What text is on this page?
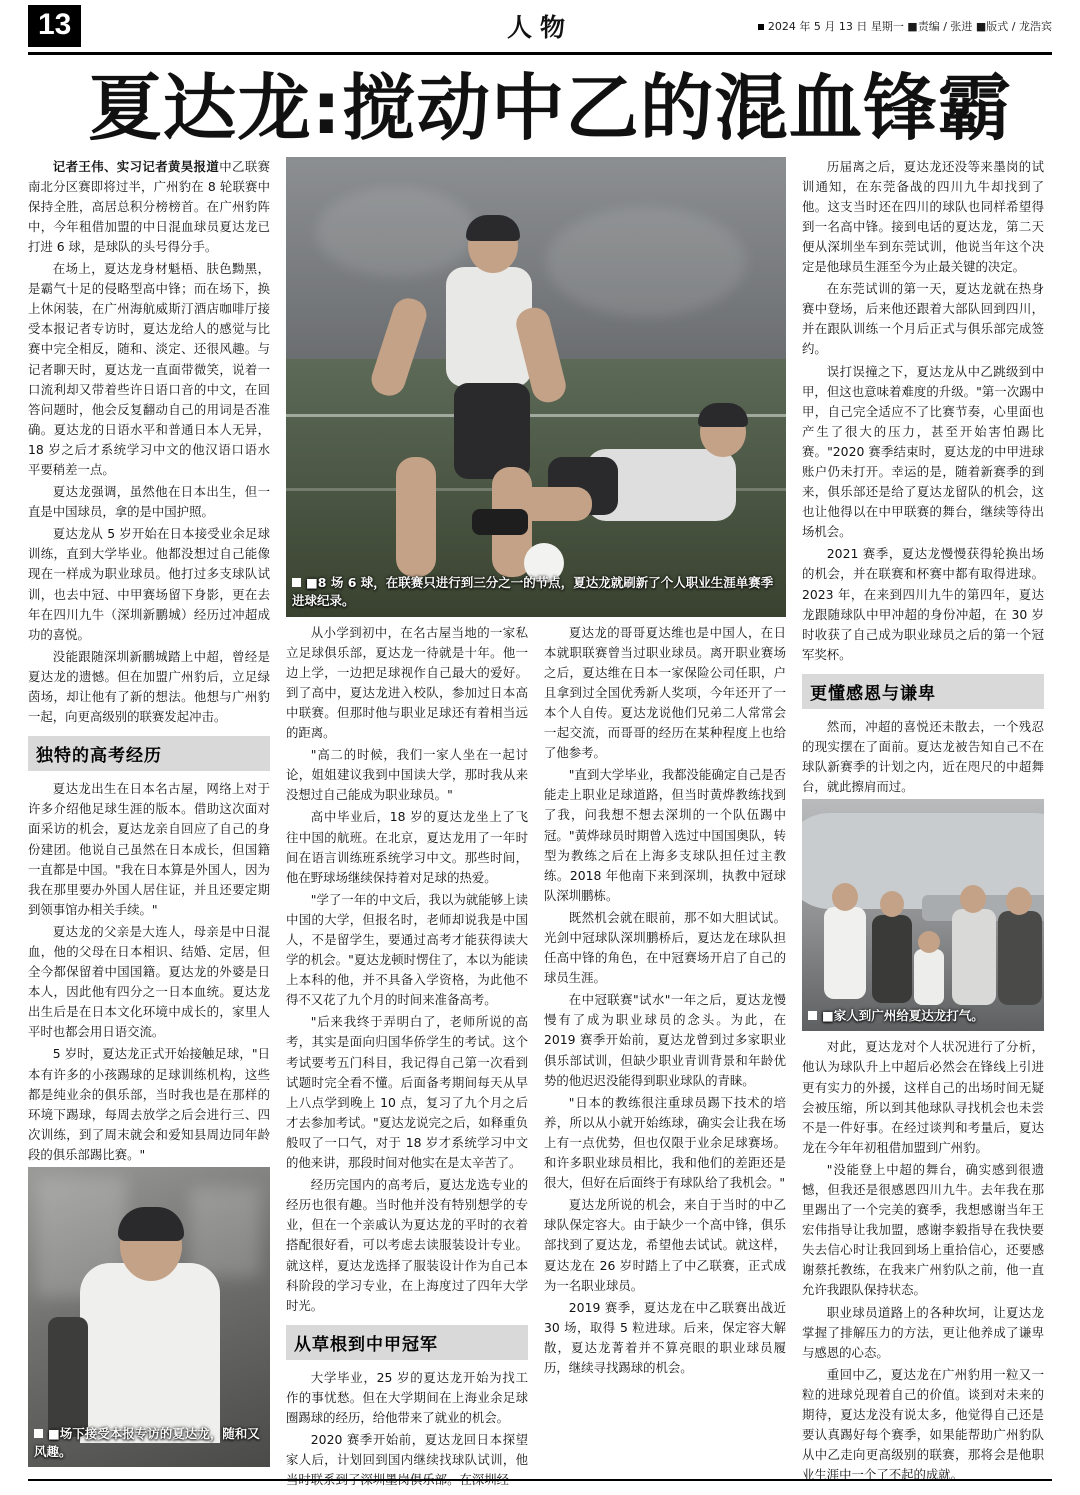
13	人物	2024 年 5 月 13 日 星期一 ■责编 / 张进 ■版式 / 龙浩宾
夏达龙:搅动中乙的混血锋霸

记者王伟、实习记者黄昊报道中乙联赛南北分区赛即将过半，广州豹在 8 轮联赛中保持全胜，高居总积分榜榜首。在广州豹阵中，今年租借加盟的中日混血球员夏达龙已打进 6 球，是球队的头号得分手。

在场上，夏达龙身材魁梧、肤色黝黑，是霸气十足的侵略型高中锋；而在场下，换上休闲装，在广州海航威斯汀酒店咖啡厅接受本报记者专访时，夏达龙给人的感觉与比赛中完全相反，随和、淡定、还很风趣。与记者聊天时，夏达龙一直面带微笑，说着一口流利却又带着些许日语口音的中文，在回答问题时，他会反复翻动自己的用词是否准确。夏达龙的日语水平和普通日本人无异，18 岁之后才系统学习中文的他汉语口语水平要稍差一点。

夏达龙强调，虽然他在日本出生，但一直是中国球员，拿的是中国护照。

夏达龙从 5 岁开始在日本接受业余足球训练，直到大学毕业。他都没想过自己能像现在一样成为职业球员。他打过多支球队试训，也去中冠、中甲赛场留下身影，更在去年在四川九牛（深圳新鹏城）经历过冲超成功的喜悦。

没能跟随深圳新鹏城踏上中超，曾经是夏达龙的遗憾。但在加盟广州豹后，立足绿茵场，却让他有了新的想法。他想与广州豹一起，向更高级别的联赛发起冲击。

独特的高考经历

夏达龙出生在日本名古屋，网络上对于许多介绍他足球生涯的版本。借助这次面对面采访的机会，夏达龙亲自回应了自己的身份建团。他说自己虽然在日本成长，但国籍一直都是中国。"我在日本算是外国人，因为我在那里要办外国人居住证，并且还要定期到领事馆办相关手续。"

夏达龙的父亲是大连人，母亲是中日混血，他的父母在日本相识、结婚、定居，但全今都保留着中国国籍。夏达龙的外婆是日本人，因此他有四分之一日本血统。夏达龙出生后是在日本文化环境中成长的，家里人平时也都会用日语交流。

5 岁时，夏达龙正式开始接触足球，"日本有许多的小孩踢球的足球训练机构，这些都是纯业余的俱乐部，当时我也是在那样的环境下踢球，每周去放学之后会进行三、四次训练，到了周末就会和爱知县周边同年龄段的俱乐部踢比赛。"

■场下接受本报专访的夏达龙，随和又风趣。
■8 场 6 球，在联赛只进行到三分之一的节点，夏达龙就刷新了个人职业生涯单赛季进球纪录。

从小学到初中，在名古屋当地的一家私立足球俱乐部，夏达龙一待就是十年。他一边上学，一边把足球视作自己最大的爱好。到了高中，夏达龙进入校队，参加过日本高中联赛。但那时他与职业足球还有着相当远的距离。

"高二的时候，我们一家人坐在一起讨论，姐姐建议我到中国读大学，那时我从来没想过自己能成为职业球员。"

高中毕业后，18 岁的夏达龙坐上了飞往中国的航班。在北京，夏达龙用了一年时间在语言训练班系统学习中文。那些时间，他在野球场继续保持着对足球的热爱。

"学了一年的中文后，我以为就能够上读中国的大学，但报名时，老师却说我是中国人，不是留学生，要通过高考才能获得读大学的机会。"夏达龙顿时愣住了，本以为能读上本科的他，并不具备入学资格，为此他不得不又花了九个月的时间来准备高考。

"后来我终于弄明白了，老师所说的高考，其实是面向归国华侨学生的考试。这个考试要考五门科目，我记得自己第一次看到试题时完全看不懂。后面备考期间每天从早上八点学到晚上 10 点，复习了九个月之后才去参加考试。"夏达龙说完之后，如释重负般叹了一口气，对于 18 岁才系统学习中文的他来讲，那段时间对他实在是太辛苦了。

经历完国内的高考后，夏达龙选专业的经历也很有趣。当时他并没有特别想学的专业，但在一个亲戚认为夏达龙的平时的衣着搭配很好看，可以考虑去读服装设计专业。就这样，夏达龙选择了服装设计作为自己本科阶段的学习专业，在上海度过了四年大学时光。

从草根到中甲冠军

大学毕业，25 岁的夏达龙开始为找工作的事忧愁。但在大学期间在上海业余足球圈踢球的经历，给他带来了就业的机会。

2020 赛季开始前，夏达龙回日本探望家人后，计划回到国内继续找球队试训，他当时联系到了深圳墨岗俱乐部。在深圳经

夏达龙的哥哥夏达维也是中国人，在日本就职联赛曾当过职业球员。离开职业赛场之后，夏达维在日本一家保险公司任职，户且拿到过全国优秀新人奖项，今年还开了一本个人自传。夏达龙说他们兄弟二人常常会一起交流，而哥哥的经历在某种程度上也给了他参考。

"直到大学毕业，我都没能确定自己是否能走上职业足球道路，但当时黄烨教练找到了我，问我想不想去深圳的一个队伍踢中冠。"黄烨球员时期曾入选过中国国奥队，转型为教练之后在上海多支球队担任过主教练。2018 年他南下来到深圳，执教中冠球队深圳鹏栋。

既然机会就在眼前，那不如大胆试试。光剑中冠球队深圳鹏桥后，夏达龙在球队担任高中锋的角色，在中冠赛场开启了自己的球员生涯。

在中冠联赛"试水"一年之后，夏达龙慢慢有了成为职业球员的念头。为此，在 2019 赛季开始前，夏达龙曾到过多家职业俱乐部试训，但缺少职业青训背景和年龄优势的他迟迟没能得到职业球队的青睐。

"日本的教练很注重球员踢下技术的培养，所以从小就开始练球，确实会让我在场上有一点优势，但也仅限于业余足球赛场。和许多职业球员相比，我和他们的差距还是很大，但好在后面终于有球队给了我机会。"

夏达龙所说的机会，来自于当时的中乙球队保定容大。由于缺少一个高中锋，俱乐部找到了夏达龙，希望他去试试。就这样，夏达龙在 26 岁时踏上了中乙联赛，正式成为一名职业球员。

2019 赛季，夏达龙在中乙联赛出战近 30 场，取得 5 粒进球。后来，保定容大解散，夏达龙菁着并不算亮眼的职业球员履历，继续寻找踢球的机会。

历届离之后，夏达龙还没等来墨岗的试训通知，在东莞备战的四川九牛却找到了他。这支当时还在四川的球队也同样希望得到一名高中锋。接到电话的夏达龙，第二天便从深圳坐车到东莞试训，他说当年这个决定是他球员生涯至今为止最关键的决定。

在东莞试训的第一天，夏达龙就在热身赛中登场，后来他还跟着大部队回到四川，并在跟队训练一个月后正式与俱乐部完成签约。

误打误撞之下，夏达龙从中乙跳级到中甲，但这也意味着难度的升级。"第一次踢中甲，自己完全适应不了比赛节奏，心里面也产生了很大的压力，甚至开始害怕踢比赛。"2020 赛季结束时，夏达龙的中甲进球账户仍未打开。幸运的是，随着新赛季的到来，俱乐部还是给了夏达龙留队的机会，这也让他得以在中甲联赛的舞台，继续等待出场机会。

2021 赛季，夏达龙慢慢获得轮换出场的机会，并在联赛和杯赛中都有取得进球。2023 年，在来到四川九牛的第四年，夏达龙跟随球队中甲冲超的身份冲超，在 30 岁时收获了自己成为职业球员之后的第一个冠军奖杯。

更懂感恩与谦卑

然而，冲超的喜悦还未散去，一个残忍的现实摆在了面前。夏达龙被告知自己不在球队新赛季的计划之内，近在咫尺的中超舞台，就此擦肩而过。

■家人到广州给夏达龙打气。

对此，夏达龙对个人状况进行了分析，他认为球队升上中超后必然会在锋线上引进更有实力的外援，这样自己的出场时间无疑会被压缩，所以到其他球队寻找机会也未尝不是一件好事。在经过谈判和考量后，夏达龙在今年年初租借加盟到广州豹。

"没能登上中超的舞台，确实感到很遗憾，但我还是很感恩四川九牛。去年我在那里踢出了一个完美的赛季，我想感谢当年王宏伟指导让我加盟，感谢李毅指导在我快要失去信心时让我回到场上重拾信心，还要感谢蔡托教练，在我来广州豹队之前，他一直允许我跟队保持状态。

职业球员道路上的各种坎坷，让夏达龙掌握了排解压力的方法，更让他养成了谦卑与感恩的心态。

重回中乙，夏达龙在广州豹用一粒又一粒的进球兑现着自己的价值。谈到对未来的期待，夏达龙没有说太多，他觉得自己还是要认真踢好每个赛季，如果能帮助广州豹队从中乙走向更高级别的联赛，那将会是他职业生涯中一个了不起的成就。
